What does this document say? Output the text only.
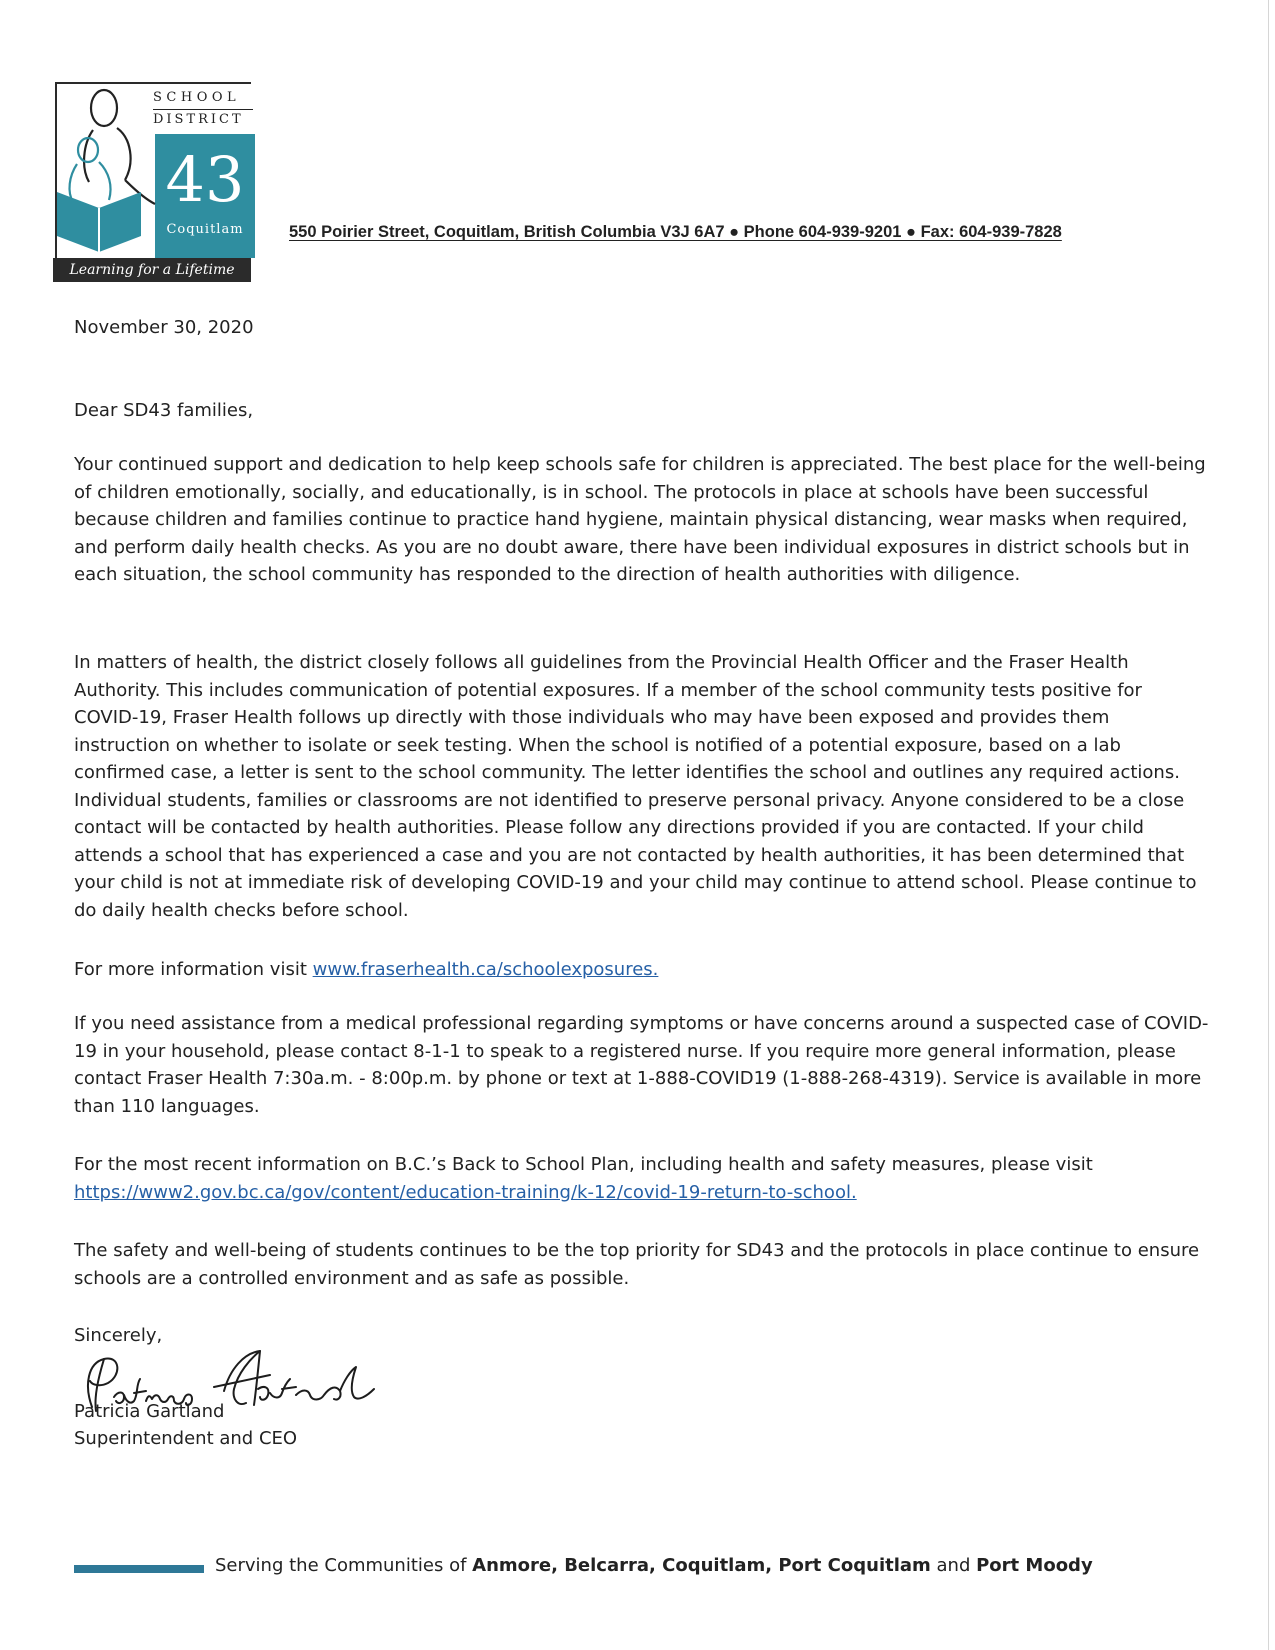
SCHOOL
DISTRICT
43
Coquitlam
Learning for a Lifetime
550 Poirier Street, Coquitlam, British Columbia V3J 6A7 ● Phone 604-939-9201 ● Fax: 604-939-7828
November 30, 2020
Dear SD43 families,
Your continued support and dedication to help keep schools safe for children is appreciated. The best place for the well-being of children emotionally, socially, and educationally, is in school. The protocols in place at schools have been successful because children and families continue to practice hand hygiene, maintain physical distancing, wear masks when required, and perform daily health checks. As you are no doubt aware, there have been individual exposures in district schools but in each situation, the school community has responded to the direction of health authorities with diligence.
In matters of health, the district closely follows all guidelines from the Provincial Health Officer and the Fraser Health Authority. This includes communication of potential exposures. If a member of the school community tests positive for COVID-19, Fraser Health follows up directly with those individuals who may have been exposed and provides them instruction on whether to isolate or seek testing. When the school is notified of a potential exposure, based on a lab confirmed case, a letter is sent to the school community. The letter identifies the school and outlines any required actions. Individual students, families or classrooms are not identified to preserve personal privacy. Anyone considered to be a close contact will be contacted by health authorities. Please follow any directions provided if you are contacted. If your child attends a school that has experienced a case and you are not contacted by health authorities, it has been determined that your child is not at immediate risk of developing COVID-19 and your child may continue to attend school. Please continue to do daily health checks before school.
For more information visit www.fraserhealth.ca/schoolexposures.
If you need assistance from a medical professional regarding symptoms or have concerns around a suspected case of COVID-19 in your household, please contact 8-1-1 to speak to a registered nurse. If you require more general information, please contact Fraser Health 7:30a.m. - 8:00p.m. by phone or text at 1-888-COVID19 (1-888-268-4319). Service is available in more than 110 languages.
For the most recent information on B.C.’s Back to School Plan, including health and safety measures, please visit
https://www2.gov.bc.ca/gov/content/education-training/k-12/covid-19-return-to-school.
The safety and well-being of students continues to be the top priority for SD43 and the protocols in place continue to ensure schools are a controlled environment and as safe as possible.
Sincerely,
Patricia Gartland
Superintendent and CEO
Serving the Communities of Anmore, Belcarra, Coquitlam, Port Coquitlam and Port Moody
